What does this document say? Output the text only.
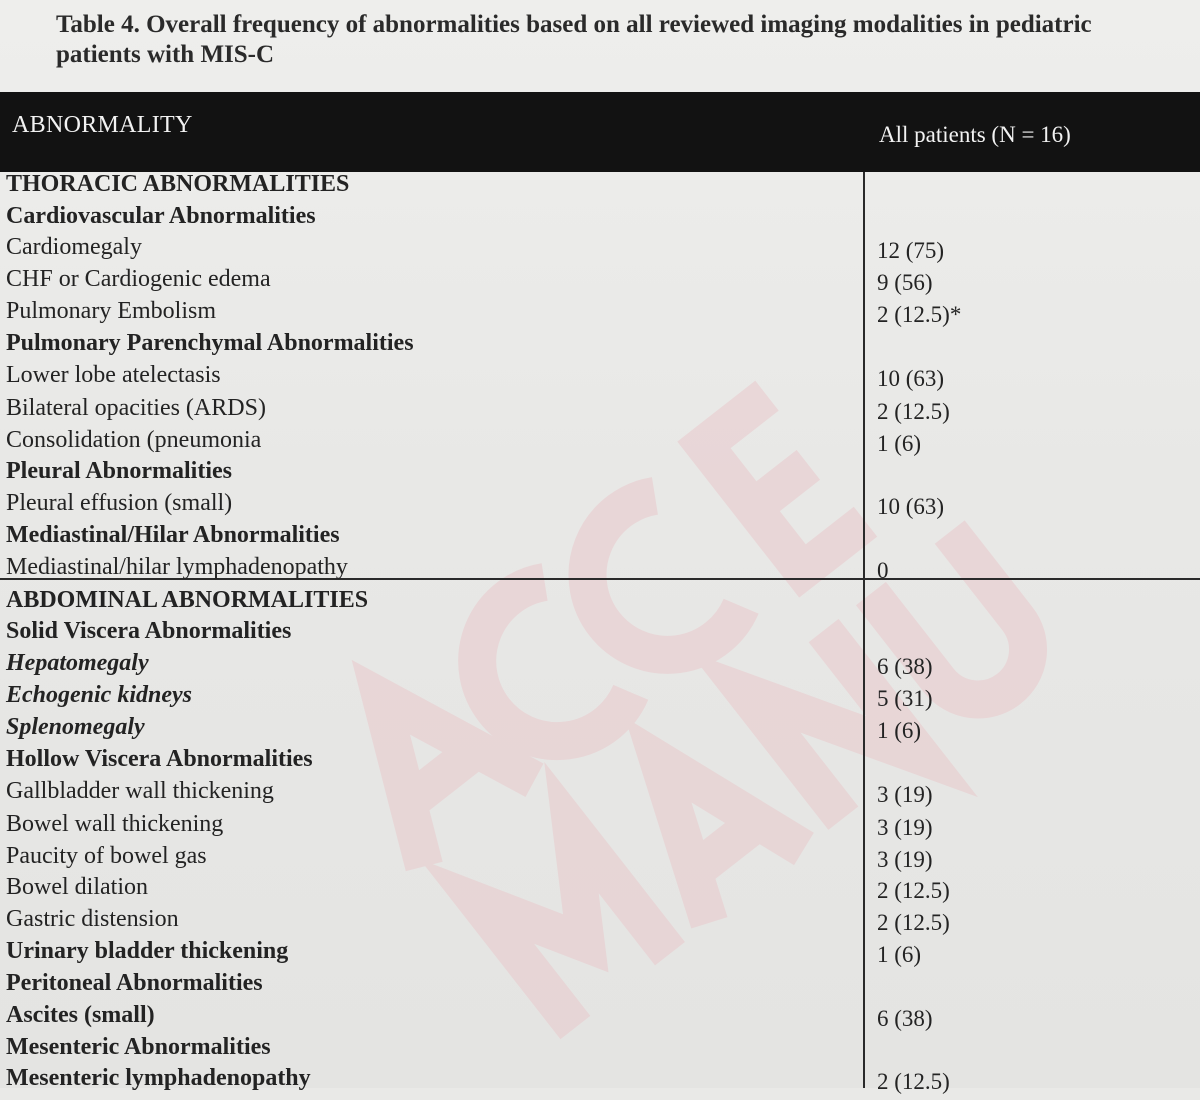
Table 4. Overall frequency of abnormalities based on all reviewed imaging modalities in pediatric
patients with MIS-C
ABNORMALITY	All patients (N = 16)
THORACIC ABNORMALITIES
Cardiovascular Abnormalities
Cardiomegaly	12 (75)
CHF or Cardiogenic edema	9 (56)
Pulmonary Embolism	2 (12.5)*
Pulmonary Parenchymal Abnormalities
Lower lobe atelectasis	10 (63)
Bilateral opacities (ARDS)	2 (12.5)
Consolidation (pneumonia	1 (6)
Pleural Abnormalities
Pleural effusion (small)	10 (63)
Mediastinal/Hilar Abnormalities
Mediastinal/hilar lymphadenopathy	0
ABDOMINAL ABNORMALITIES
Solid Viscera Abnormalities
Hepatomegaly	6 (38)
Echogenic kidneys	5 (31)
Splenomegaly	1 (6)
Hollow Viscera Abnormalities
Gallbladder wall thickening	3 (19)
Bowel wall thickening	3 (19)
Paucity of bowel gas	3 (19)
Bowel dilation	2 (12.5)
Gastric distension	2 (12.5)
Urinary bladder thickening	1 (6)
Peritoneal Abnormalities
Ascites (small)	6 (38)
Mesenteric Abnormalities
Mesenteric lymphadenopathy	2 (12.5)
